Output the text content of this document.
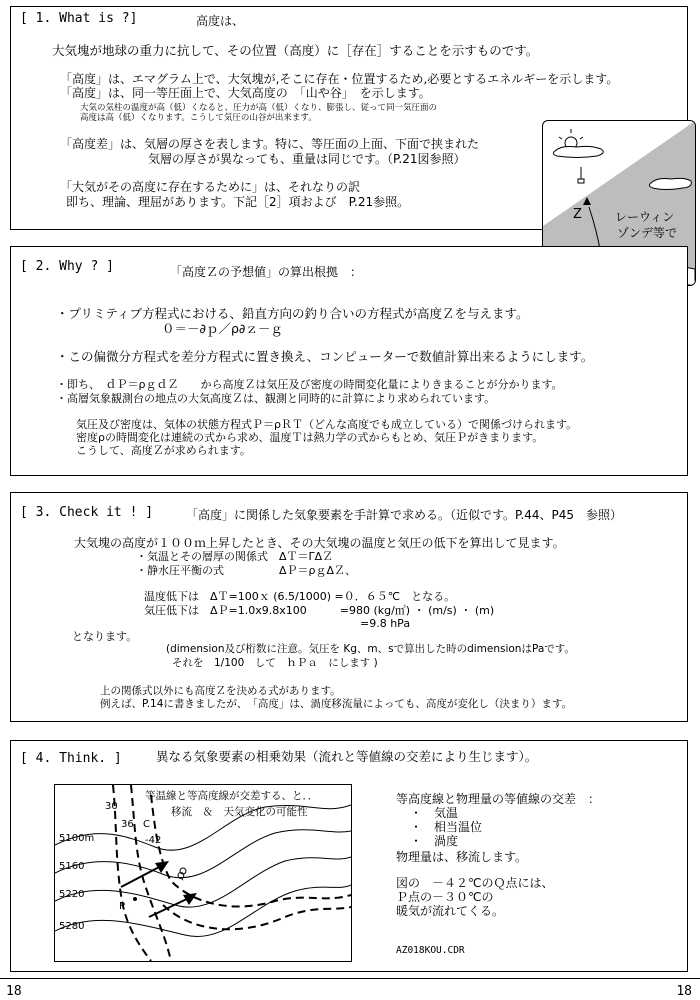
[ 1. What is ?]	高度は、
大気塊が地球の重力に抗して、その位置（高度）に［存在］することを示すものです。
「高度」は、エマグラム上で、大気塊が,そこに存在・位置するため,必要とするエネルギーを示します。
「高度」は、同一等圧面上で、大気高度の　「山や谷」　を示します。
大気の気柱の温度が高（低）くなると、圧力が高（低）くなり、膨張し、従って同一気圧面の
高度は高（低）くなります。こうして気圧の山谷が出来ます。
「高度差」は、気層の厚さを表します。特に、等圧面の上面、下面で挟まれた
気層の厚さが異なっても、重量は同じです。（P.21図参照）
「大気がその高度に存在するために」は、それなりの訳
即ち、理論、理屈があります。下記［2］項および　P.21参照。
Z	レーウィン
ゾンデ等で
[ 2. Why ? ]	「高度Ｚの予想値」の算出根拠　：
・プリミティブ方程式における、鉛直方向の釣り合いの方程式が高度Ｚを与えます。
０＝－∂ｐ／ρ∂ｚ－ｇ
・この偏微分方程式を差分方程式に置き換え、コンピューターで数値計算出来るようにします。
・即ち、　ｄＰ＝ρｇｄＺ　　から高度Ｚは気圧及び密度の時間変化量によりきまることが分かります。
・高層気象観測台の地点の大気高度Ｚは、観測と同時的に計算により求められています。
気圧及び密度は、気体の状態方程式Ｐ＝ρＲＴ（どんな高度でも成立している）で関係づけられます。
密度ρの時間変化は連続の式から求め、温度Ｔは熱力学の式からもとめ、気圧Ｐがきまります。
こうして、高度Ｚが求められます。
[ 3. Check it ! ]	「高度」に関係した気象要素を手計算で求める。（近似です。P.44、P45　参照）
大気塊の高度が１００ｍ上昇したとき、その大気塊の温度と気圧の低下を算出して見ます。
・気温とその層厚の関係式　ΔＴ＝ΓΔＺ
・静水圧平衡の式　　　　　ΔＰ＝ρｇΔＺ、
温度低下は　ΔＴ=100ｘ (6.5/1000) =０．６５℃　となる。
気圧低下は　ΔＰ=1.0x9.8x100　　　=980 (kg/㎥) ・ (m/s) ・ (m)
=9.8 hPa
となります。
(dimension及び桁数に注意。気圧を Kg、m、sで算出した時のdimensionはPaです。
それを　1/100　して　ｈＰａ　にします )
上の関係式以外にも高度Ｚを決める式があります。
例えば、P.14に書きましたが、　「高度」は、渦度移流量によっても、高度が変化し（決まり）ます。
[ 4. Think. ]	異なる気象要素の相乗効果（流れと等値線の交差により生じます）。
等温線と等高度線が交差する、と．．
移流　＆　天気変化の可能性
30
36 C
-42
5100m
5160
5220
5280
P
Q
等高度線と物理量の等値線の交差　：
・　気温
・　相当温位
・　渦度
物理量は、移流します。
図の　－４２℃のＱ点には、
Ｐ点の－３０℃の
暖気が流れてくる。
AZ018KOU.CDR
18	18
